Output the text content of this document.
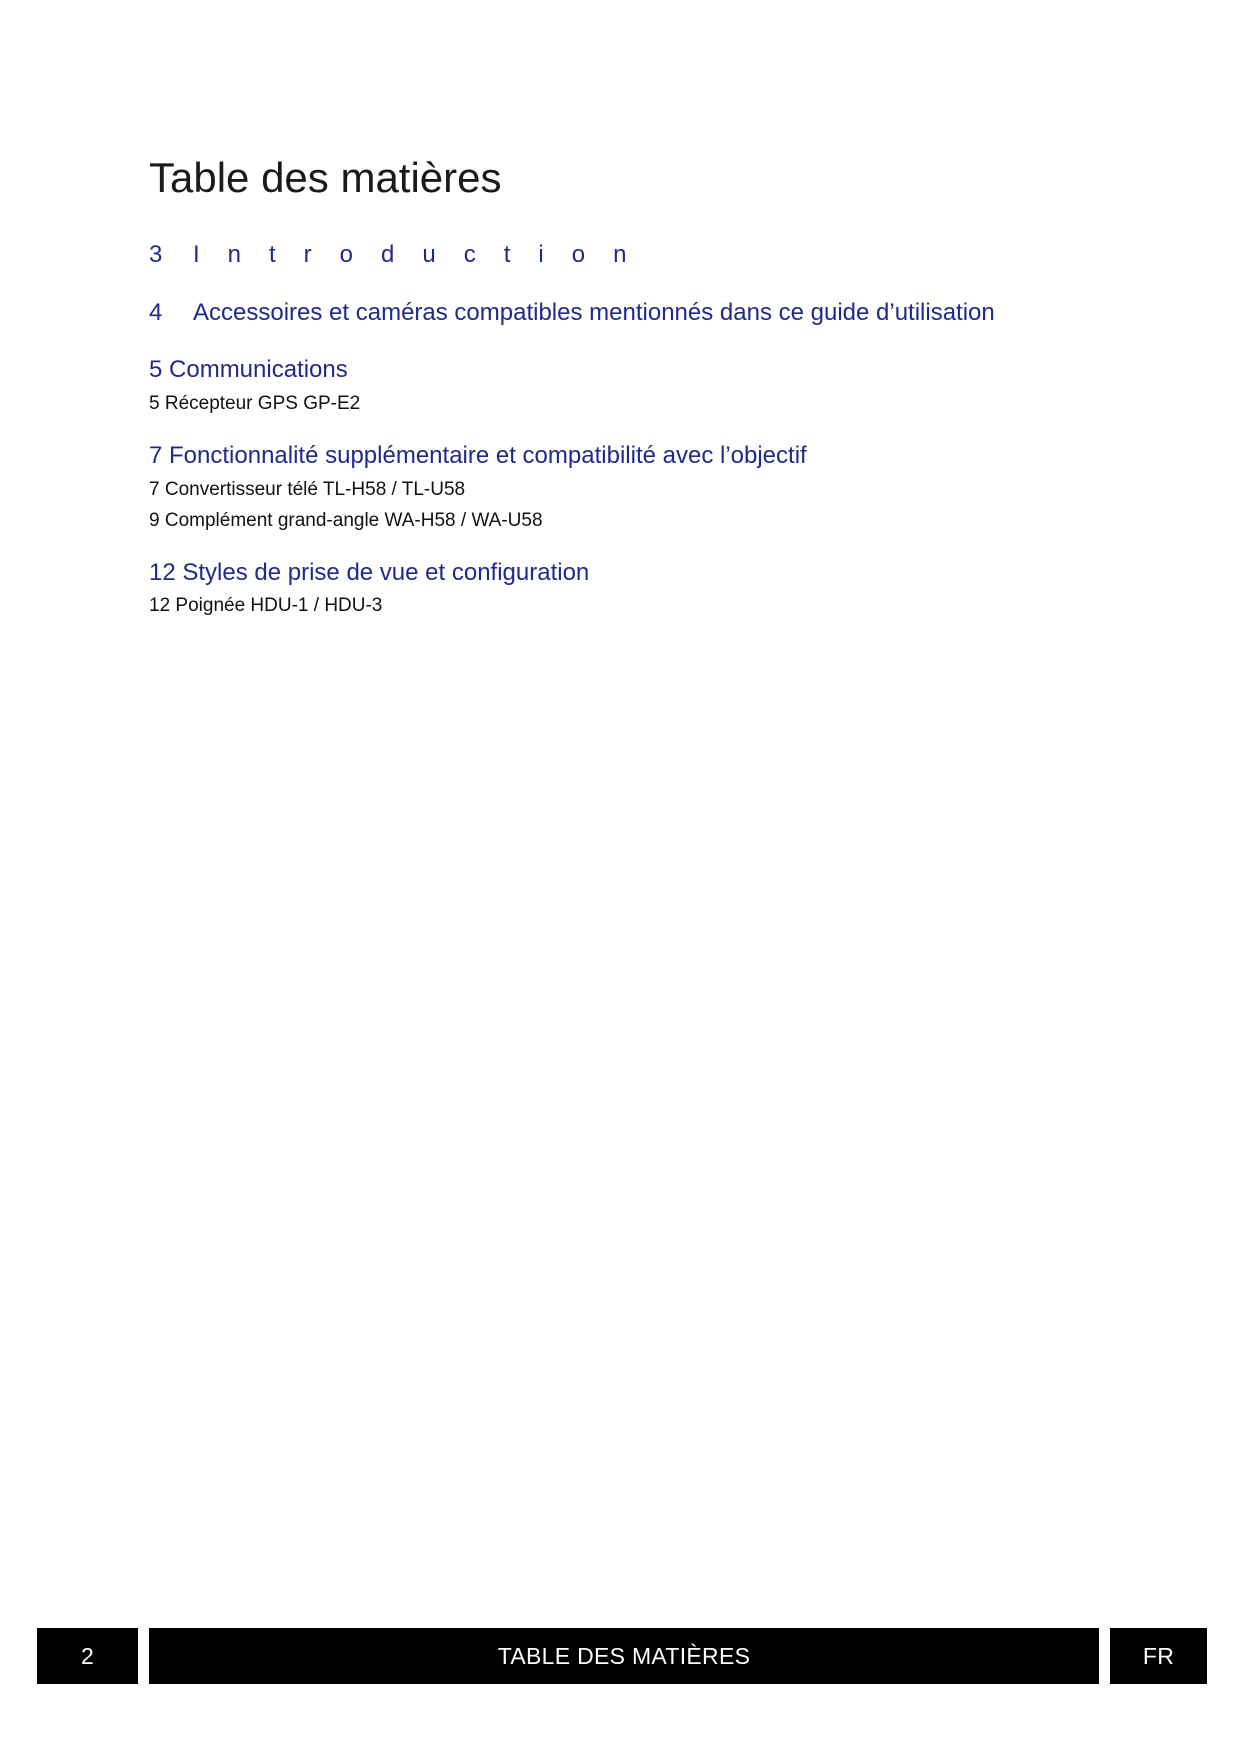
Table des matières

3 Introduction

4 Accessoires et caméras compatibles mentionnés dans ce guide d’utilisation

5 Communications

5 Récepteur GPS GP-E2

7 Fonctionnalité supplémentaire et compatibilité avec l’objectif

7 Convertisseur télé TL-H58 / TL-U58

9 Complément grand-angle WA-H58 / WA-U58

12 Styles de prise de vue et configuration

12 Poignée HDU-1 / HDU-3

2	TABLE DES MATIÈRES	FR
